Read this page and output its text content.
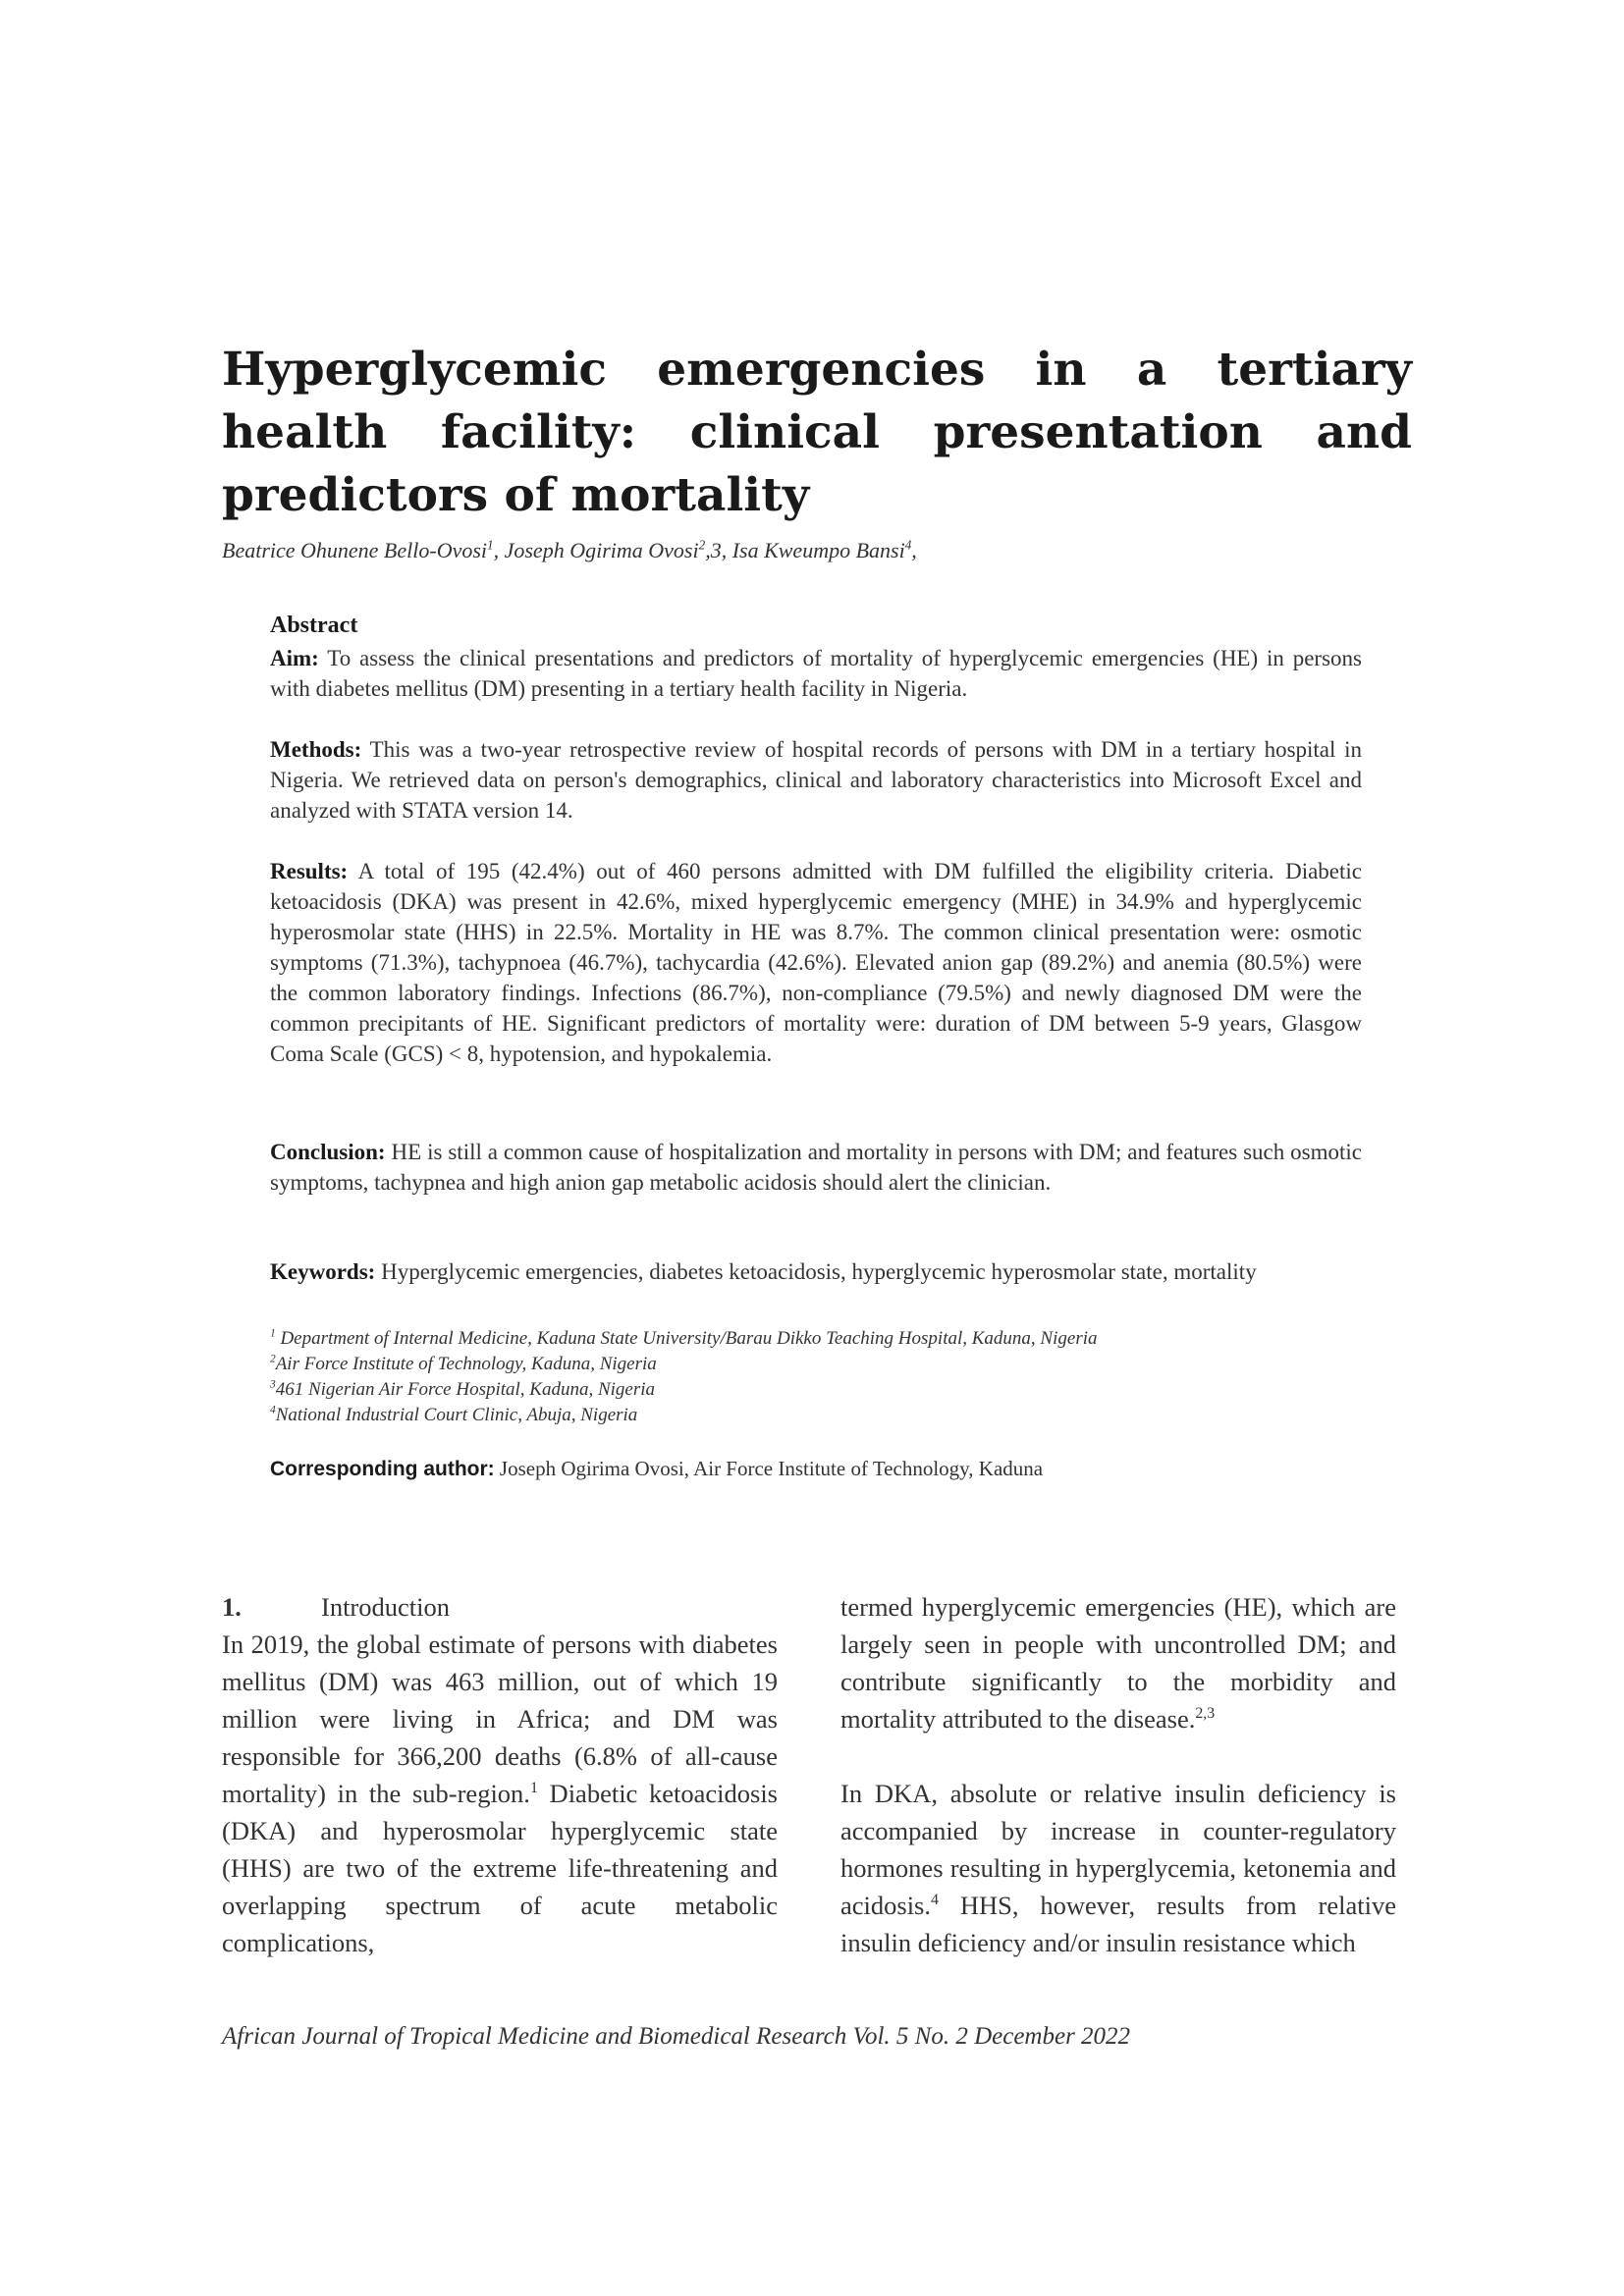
Hyperglycemic emergencies in a tertiary health facility: clinical presentation and predictors of mortality
Beatrice Ohunene Bello-Ovosi$^1$, Joseph Ogirima Ovosi$^2$,3, Isa Kweumpo Bansi$^4$,
Abstract
Aim: To assess the clinical presentations and predictors of mortality of hyperglycemic emergencies (HE) in persons with diabetes mellitus (DM) presenting in a tertiary health facility in Nigeria.
Methods: This was a two-year retrospective review of hospital records of persons with DM in a tertiary hospital in Nigeria. We retrieved data on person's demographics, clinical and laboratory characteristics into Microsoft Excel and analyzed with STATA version 14.
Results: A total of 195 (42.4%) out of 460 persons admitted with DM fulfilled the eligibility criteria. Diabetic ketoacidosis (DKA) was present in 42.6%, mixed hyperglycemic emergency (MHE) in 34.9% and hyperglycemic hyperosmolar state (HHS) in 22.5%. Mortality in HE was 8.7%. The common clinical presentation were: osmotic symptoms (71.3%), tachypnoea (46.7%), tachycardia (42.6%). Elevated anion gap (89.2%) and anemia (80.5%) were the common laboratory findings. Infections (86.7%), non-compliance (79.5%) and newly diagnosed DM were the common precipitants of HE. Significant predictors of mortality were: duration of DM between 5-9 years, Glasgow Coma Scale (GCS) < 8, hypotension, and hypokalemia.
Conclusion: HE is still a common cause of hospitalization and mortality in persons with DM; and features such osmotic symptoms, tachypnea and high anion gap metabolic acidosis should alert the clinician.
Keywords: Hyperglycemic emergencies, diabetes ketoacidosis, hyperglycemic hyperosmolar state, mortality
$^1$ Department of Internal Medicine, Kaduna State University/Barau Dikko Teaching Hospital, Kaduna, Nigeria
$^2$Air Force Institute of Technology, Kaduna, Nigeria
$^3$461 Nigerian Air Force Hospital, Kaduna, Nigeria
$^4$National Industrial Court Clinic, Abuja, Nigeria
Corresponding author: Joseph Ogirima Ovosi, Air Force Institute of Technology, Kaduna
1.	Introduction

In 2019, the global estimate of persons with diabetes mellitus (DM) was 463 million, out of which 19 million were living in Africa; and DM was responsible for 366,200 deaths (6.8% of all-cause mortality) in the sub-region.$^1$ Diabetic ketoacidosis (DKA) and hyperosmolar hyperglycemic state (HHS) are two of the extreme life-threatening and overlapping spectrum of acute metabolic complications,

termed hyperglycemic emergencies (HE), which are largely seen in people with uncontrolled DM; and contribute significantly to the morbidity and mortality attributed to the disease.$^{2,3}$

In DKA, absolute or relative insulin deficiency is accompanied by increase in counter-regulatory hormones resulting in hyperglycemia, ketonemia and acidosis.$^4$ HHS, however, results from relative insulin deficiency and/or insulin resistance which

African Journal of Tropical Medicine and Biomedical Research Vol. 5 No. 2 December 2022
